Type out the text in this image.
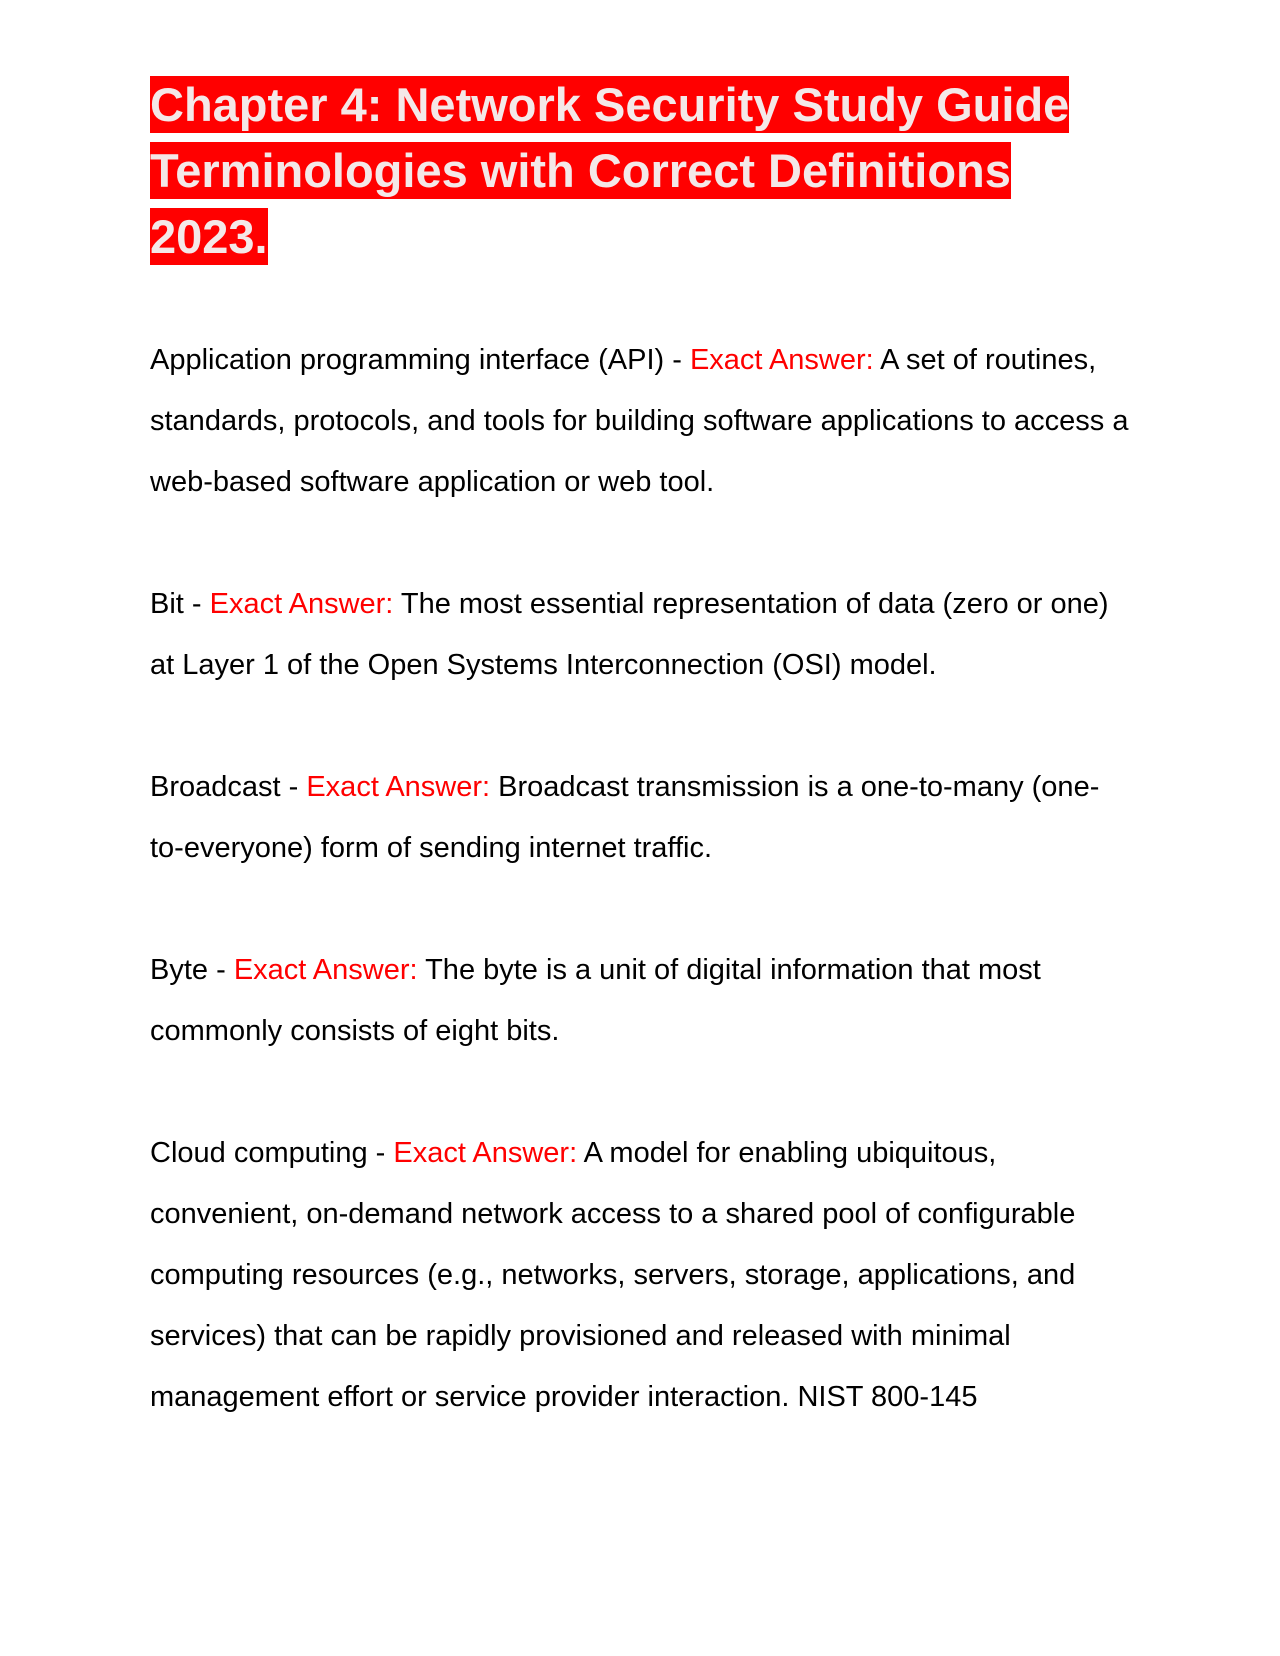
Chapter 4: Network Security Study Guide Terminologies with Correct Definitions 2023.

Application programming interface (API) - Exact Answer: A set of routines, standards, protocols, and tools for building software applications to access a web-based software application or web tool.

Bit - Exact Answer: The most essential representation of data (zero or one) at Layer 1 of the Open Systems Interconnection (OSI) model.

Broadcast - Exact Answer: Broadcast transmission is a one-to-many (one-to-everyone) form of sending internet traffic.

Byte - Exact Answer: The byte is a unit of digital information that most commonly consists of eight bits.

Cloud computing - Exact Answer: A model for enabling ubiquitous, convenient, on-demand network access to a shared pool of configurable computing resources (e.g., networks, servers, storage, applications, and services) that can be rapidly provisioned and released with minimal management effort or service provider interaction. NIST 800-145
